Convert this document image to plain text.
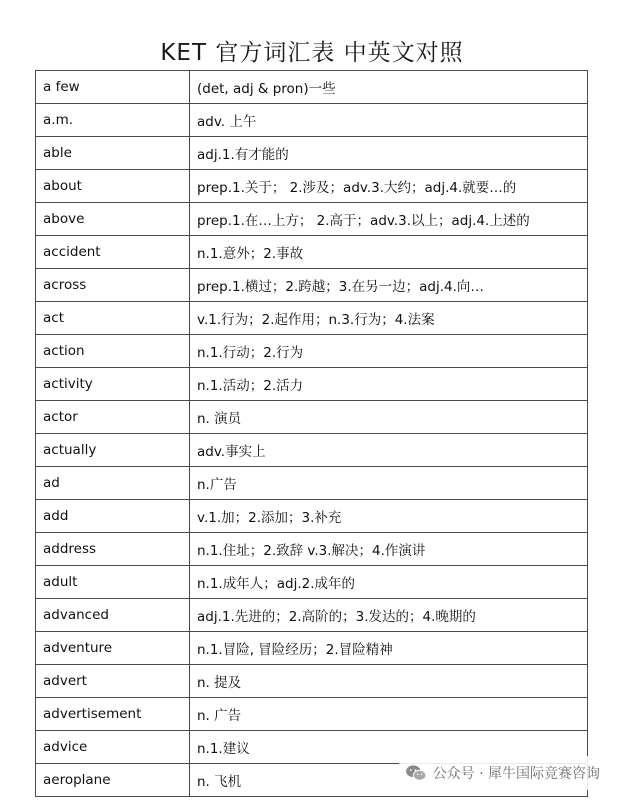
KET 官方词汇表 中英文对照
a few	(det, adj & pron)一些
a.m.	adv. 上午
able	adj.1.有才能的
about	prep.1.关于； 2.涉及；adv.3.大约；adj.4.就要…的
above	prep.1.在…上方； 2.高于；adv.3.以上；adj.4.上述的
accident	n.1.意外；2.事故
across	prep.1.横过；2.跨越；3.在另一边；adj.4.向…
act	v.1.行为；2.起作用；n.3.行为；4.法案
action	n.1.行动；2.行为
activity	n.1.活动；2.活力
actor	n. 演员
actually	adv.事实上
ad	n.广告
add	v.1.加；2.添加；3.补充
address	n.1.住址；2.致辞 v.3.解决；4.作演讲
adult	n.1.成年人；adj.2.成年的
advanced	adj.1.先进的；2.高阶的；3.发达的；4.晚期的
adventure	n.1.冒险, 冒险经历；2.冒险精神
advert	n. 提及
advertisement	n. 广告
advice	n.1.建议
aeroplane	n. 飞机	公众号 · 犀牛国际竞赛咨询
